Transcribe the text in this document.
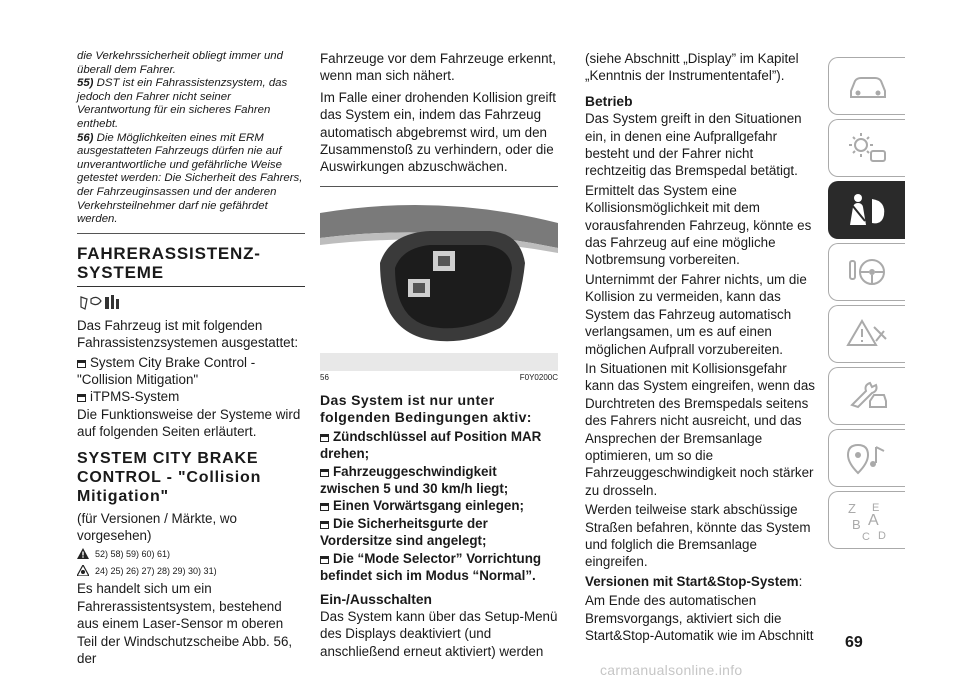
die Verkehrssicherheit obliegt immer und überall dem Fahrer.

55) DST ist ein Fahrassistenzsystem, das jedoch den Fahrer nicht seiner Verantwortung für ein sicheres Fahren enthebt.

56) Die Möglichkeiten eines mit ERM ausgestatteten Fahrzeugs dürfen nie auf unverantwortliche und gefährliche Weise getestet werden: Die Sicherheit des Fahrers, der Fahrzeuginsassen und der anderen Verkehrsteilnehmer darf nie gefährdet werden.

FAHRERASSISTENZ-SYSTEME

Das Fahrzeug ist mit folgenden Fahrassistenzsystemen ausgestattet:

System City Brake Control - "Collision Mitigation"

iTPMS-System

Die Funktionsweise der Systeme wird auf folgenden Seiten erläutert.

SYSTEM CITY BRAKE CONTROL - "Collision Mitigation"

(für Versionen / Märkte, wo vorgesehen)

52) 58) 59) 60) 61)

24) 25) 26) 27) 28) 29) 30) 31)

Es handelt sich um ein Fahrerassistentsystem, bestehend aus einem Laser-Sensor m oberen Teil der Windschutzscheibe Abb. 56, der

Fahrzeuge vor dem Fahrzeuge erkennt, wenn man sich nähert.

Im Falle einer drohenden Kollision greift das System ein, indem das Fahrzeug automatisch abgebremst wird, um den Zusammenstoß zu verhindern, oder die Auswirkungen abzuschwächen.

56	F0Y0200C
Das System ist nur unter folgenden Bedingungen aktiv:

Zündschlüssel auf Position MAR drehen;

Fahrzeuggeschwindigkeit zwischen 5 und 30 km/h liegt;

Einen Vorwärtsgang einlegen;

Die Sicherheitsgurte der Vordersitze sind angelegt;

Die “Mode Selector” Vorrichtung befindet sich im Modus “Normal”.

Ein-/Ausschalten

Das System kann über das Setup-Menü des Displays deaktiviert (und anschließend erneut aktiviert) werden

(siehe Abschnitt „Display” im Kapitel „Kenntnis der Instrumententafel”).

Betrieb

Das System greift in den Situationen ein, in denen eine Aufprallgefahr besteht und der Fahrer nicht rechtzeitig das Bremspedal betätigt.

Ermittelt das System eine Kollisionsmöglichkeit mit dem vorausfahrenden Fahrzeug, könnte es das Fahrzeug auf eine mögliche Notbremsung vorbereiten.

Unternimmt der Fahrer nichts, um die Kollision zu vermeiden, kann das System das Fahrzeug automatisch verlangsamen, um es auf einen möglichen Aufprall vorzubereiten.

In Situationen mit Kollisionsgefahr kann das System eingreifen, wenn das Durchtreten des Bremspedals seitens des Fahrers nicht ausreicht, und das Ansprechen der Bremsanlage optimieren, um so die Fahrzeuggeschwindigkeit noch stärker zu drosseln.

Werden teilweise stark abschüssige Straßen befahren, könnte das System und folglich die Bremsanlage eingreifen.

Versionen mit Start&Stop-System:

Am Ende des automatischen Bremsvorgangs, aktiviert sich die Start&Stop-Automatik wie im Abschnitt

Z E
B A
C D
69
carmanualsonline.info
